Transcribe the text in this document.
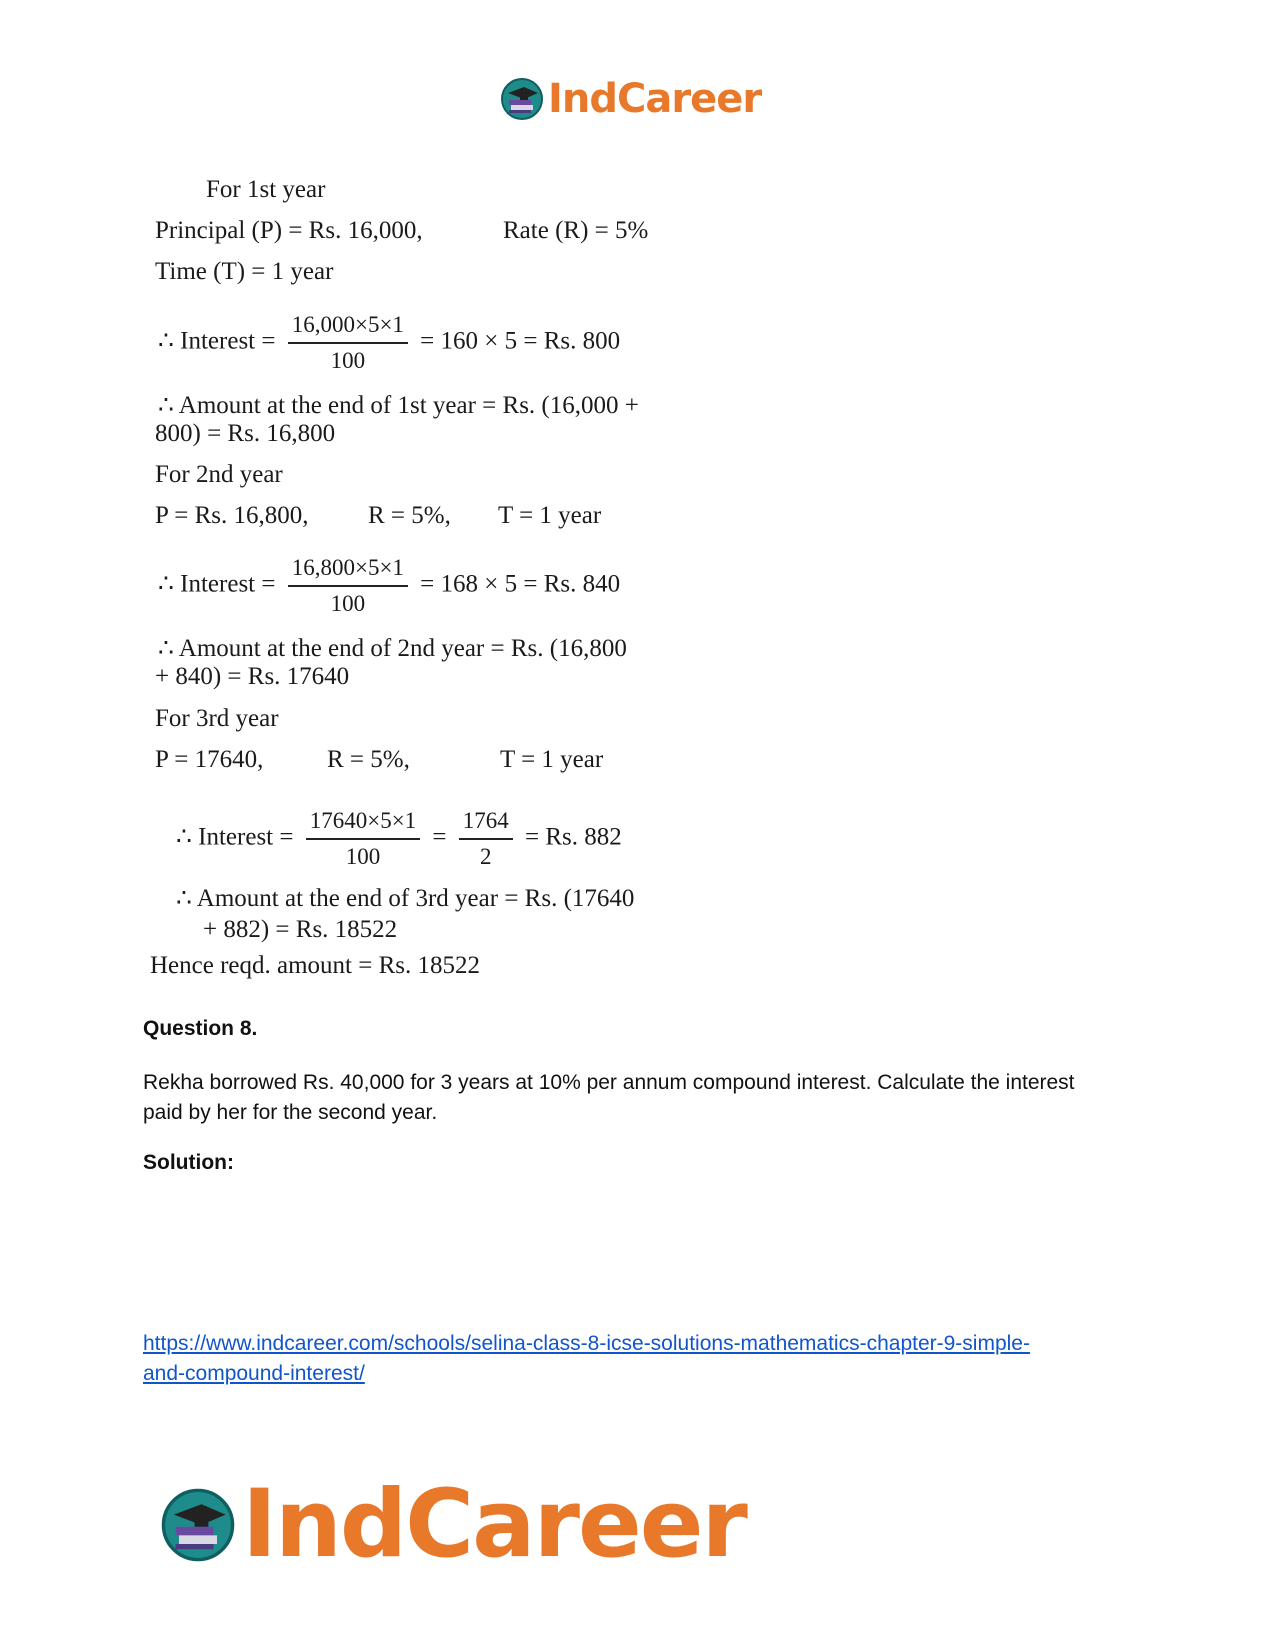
IndCareer
For 1st year
Principal (P) = Rs. 16,000,	Rate (R) = 5%
Time (T) = 1 year
∴ Interest = $\frac{16,000\times 5\times 1}{100} = 160 \times 5 = Rs$. 800
∴ Amount at the end of 1st year = Rs. (16,000 +
800) = Rs. 16,800
For 2nd year
P = Rs. 16,800, R = 5%, T = 1 year
∴ Interest = $\frac{16,800\times 5\times 1}{100} = 168 \times 5 = Rs$. 840
∴ Amount at the end of 2nd year = Rs. (16,800
+ 840) = Rs. 17640
For 3rd year
P = 17640,	R = 5%,	T = 1 year
∴ Interest = $\frac{17640\times 5\times 1}{100} = \frac{1764}{2} = Rs$. 882
∴ Amount at the end of 3rd year = Rs. (17640
+ 882) = Rs. 18522
Hence reqd. amount = Rs. 18522
Question 8.
Rekha borrowed Rs. 40,000 for 3 years at 10% per annum compound interest. Calculate the interest paid by her for the second year.
Solution:
https://www.indcareer.com/schools/selina-class-8-icse-solutions-mathematics-chapter-9-simple-
and-compound-interest/
IndCareer
